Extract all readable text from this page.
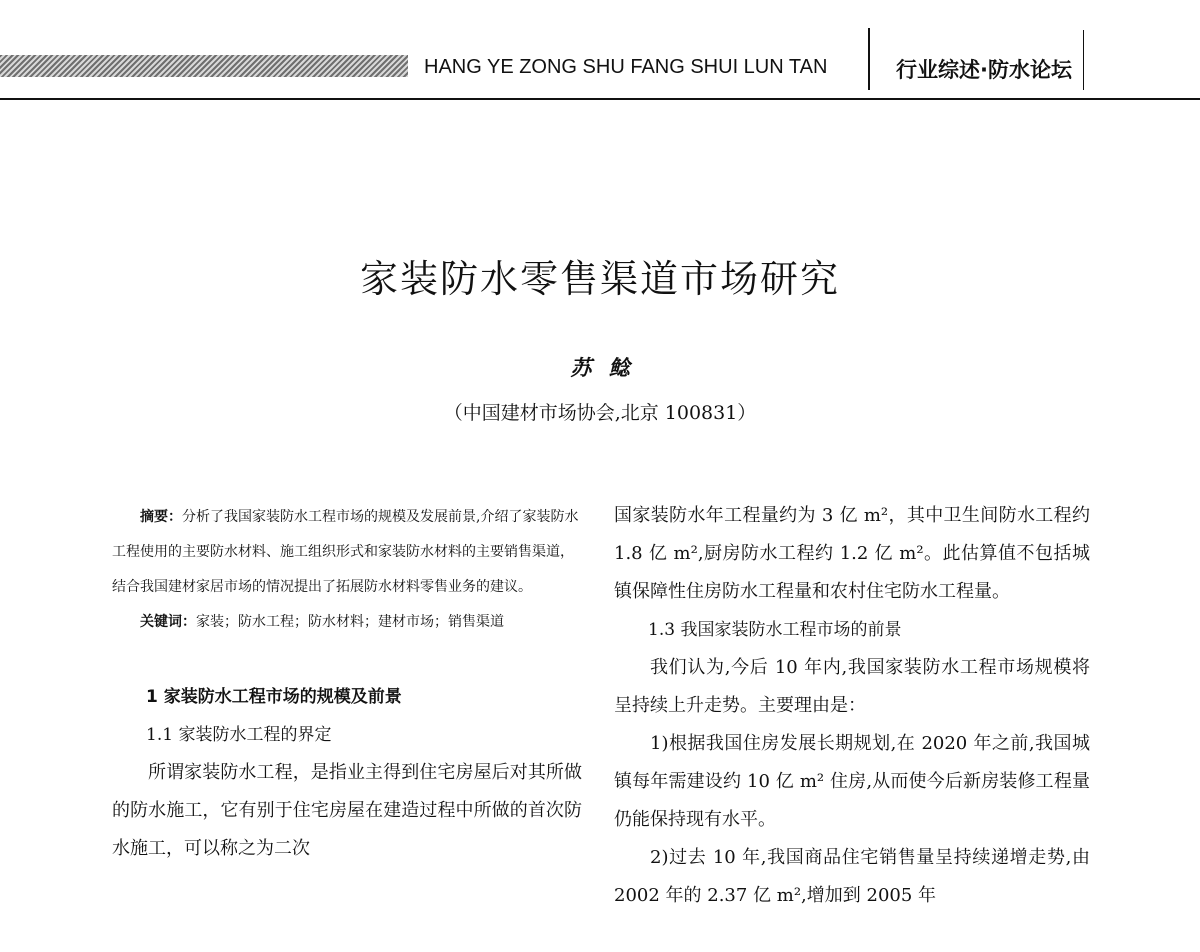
HANG YE ZONG SHU FANG SHUI LUN TAN	行业综述·防水论坛
家装防水零售渠道市场研究
苏 鲶
（中国建材市场协会,北京 100831）

摘要：分析了我国家装防水工程市场的规模及发展前景,介绍了家装防水工程使用的主要防水材料、施工组织形式和家装防水材料的主要销售渠道，结合我国建材家居市场的情况提出了拓展防水材料零售业务的建议。

关键词：家装；防水工程；防水材料；建材市场；销售渠道

1 家装防水工程市场的规模及前景

1.1 家装防水工程的界定

所谓家装防水工程，是指业主得到住宅房屋后对其所做的防水施工，它有别于住宅房屋在建造过程中所做的首次防水施工，可以称之为二次

国家装防水年工程量约为 3 亿 m²，其中卫生间防水工程约 1.8 亿 m²,厨房防水工程约 1.2 亿 m²。此估算值不包括城镇保障性住房防水工程量和农村住宅防水工程量。

1.3 我国家装防水工程市场的前景

我们认为,今后 10 年内,我国家装防水工程市场规模将呈持续上升走势。主要理由是：

1)根据我国住房发展长期规划,在 2020 年之前,我国城镇每年需建设约 10 亿 m² 住房,从而使今后新房装修工程量仍能保持现有水平。

2)过去 10 年,我国商品住宅销售量呈持续递增走势,由 2002 年的 2.37 亿 m²,增加到 2005 年
